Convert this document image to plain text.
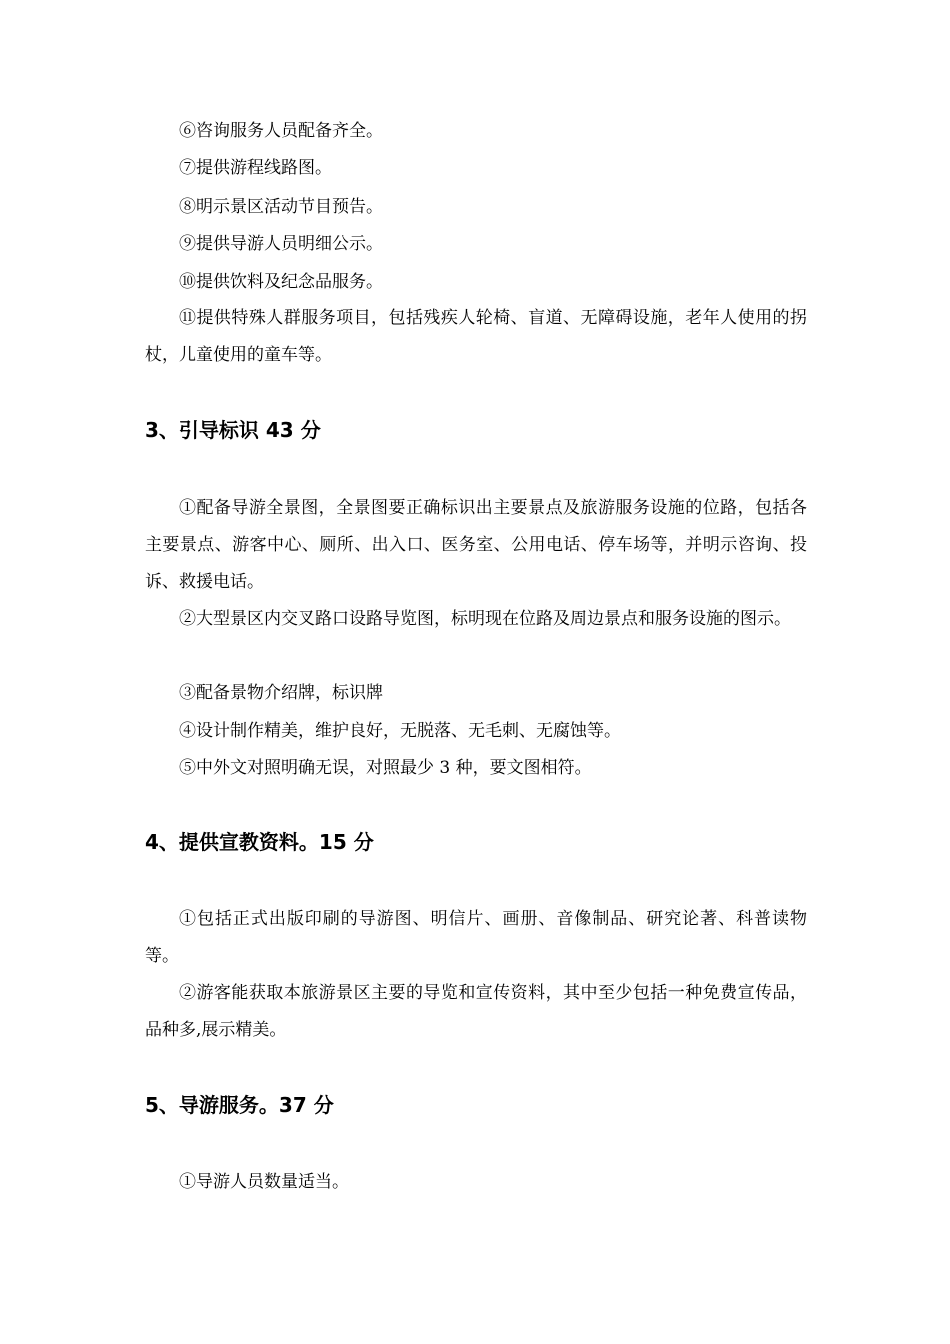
⑥咨询服务人员配备齐全。

⑦提供游程线路图。

⑧明示景区活动节目预告。

⑨提供导游人员明细公示。

⑩提供饮料及纪念品服务。

⑪提供特殊人群服务项目，包括残疾人轮椅、盲道、无障碍设施，老年人使用的拐杖，儿童使用的童车等。

3、引导标识 43 分

①配备导游全景图，全景图要正确标识出主要景点及旅游服务设施的位路，包括各主要景点、游客中心、厕所、出入口、医务室、公用电话、停车场等，并明示咨询、投诉、救援电话。

②大型景区内交叉路口设路导览图，标明现在位路及周边景点和服务设施的图示。

③配备景物介绍牌，标识牌

④设计制作精美，维护良好，无脱落、无毛刺、无腐蚀等。

⑤中外文对照明确无误，对照最少 3 种，要文图相符。

4、提供宣教资料。15 分

①包括正式出版印刷的导游图、明信片、画册、音像制品、研究论著、科普读物等。

②游客能获取本旅游景区主要的导览和宣传资料，其中至少包括一种免费宣传品，品种多,展示精美。

5、导游服务。37 分

①导游人员数量适当。
